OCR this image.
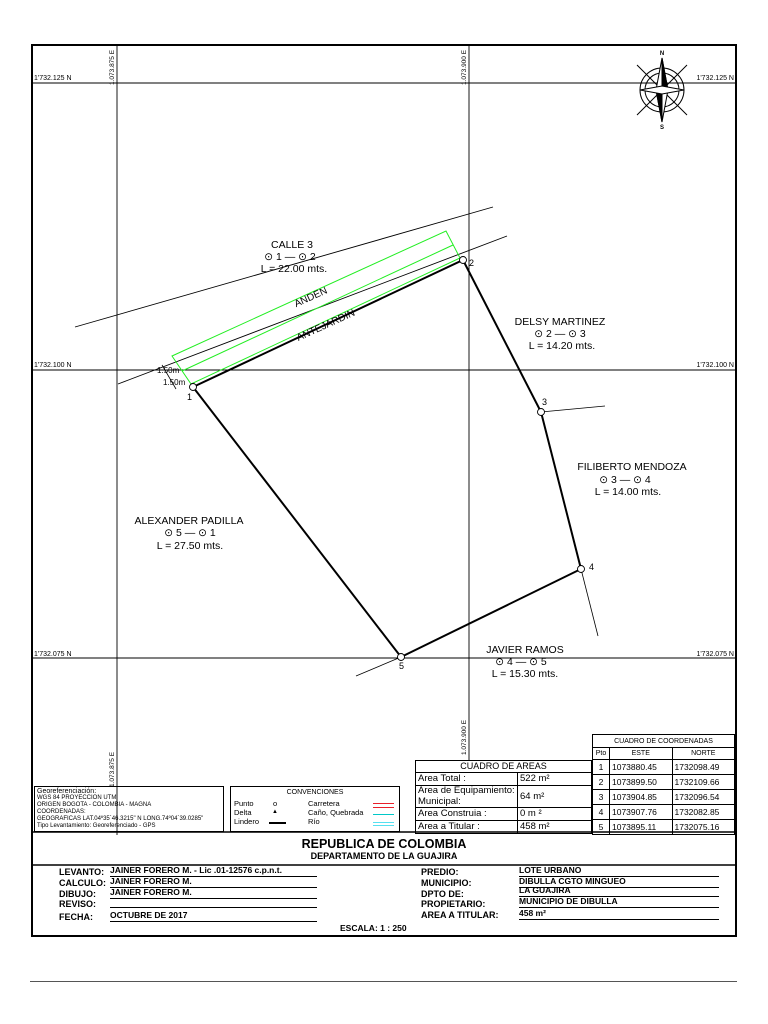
1'732.125 N	1'732.125 N
1'732.100 N	1'732.100 N
1'732.075 N	1'732.075 N
1.073.875 E
1.073.875 E
1.073.900 E
1.073.900 E
N
S
ANDEN
ANTEJARDIN
1.50m
1.50m
1
2
3
4
5
CALLE 3
⊙ 1 — ⊙ 2
L = 22.00 mts.
DELSY MARTINEZ
⊙ 2 — ⊙ 3
L = 14.20 mts.
FILIBERTO MENDOZA
⊙ 3 — ⊙ 4
L = 14.00 mts.
JAVIER RAMOS
⊙ 4 — ⊙ 5
L = 15.30 mts.
ALEXANDER PADILLA
⊙ 5 — ⊙ 1
L = 27.50 mts.
CUADRO DE COORDENADAS		
Pto	ESTE	NORTE
1	1073880.45	1732098.49
2	1073899.50	1732109.66
3	1073904.85	1732096.54
4	1073907.76	1732082.85
5	1073895.11	1732075.16
CUADRO DE AREAS	
Area Total :	522 m²
Area de Equipamiento: Municipal:	64 m²
Area Construia :	0 m ²
Area a Titular :	458 m²
Georeferenciación:
WGS 84 PROYECCION UTM
ORIGEN BOGOTA - COLOMBIA - MAGNA
COORDENADAS:
GEOGRAFICAS LAT.04º35´46.3215" N LONG.74º04´39.0285"
Tipo Levantamiento: Georeferenciado - GPS
CONVENCIONES
Punto	o
Delta	▲
Lindero
Carretera
Caño, Quebrada
Río
REPUBLICA DE COLOMBIA
DEPARTAMENTO DE LA GUAJIRA
LEVANTO: JAINER FORERO M. - Lic .01-12576 c.p.n.t.
CALCULO: JAINER FORERO M.
DIBUJO: JAINER FORERO M.
REVISO:
FECHA: OCTUBRE DE 2017
PREDIO:	LOTE URBANO
MUNICIPIO:	DIBULLA CGTO MINGUEO
DPTO DE:	LA GUAJIRA
PROPIETARIO:	MUNICIPIO DE DIBULLA
AREA A TITULAR: 458 m²
ESCALA: 1 : 250
